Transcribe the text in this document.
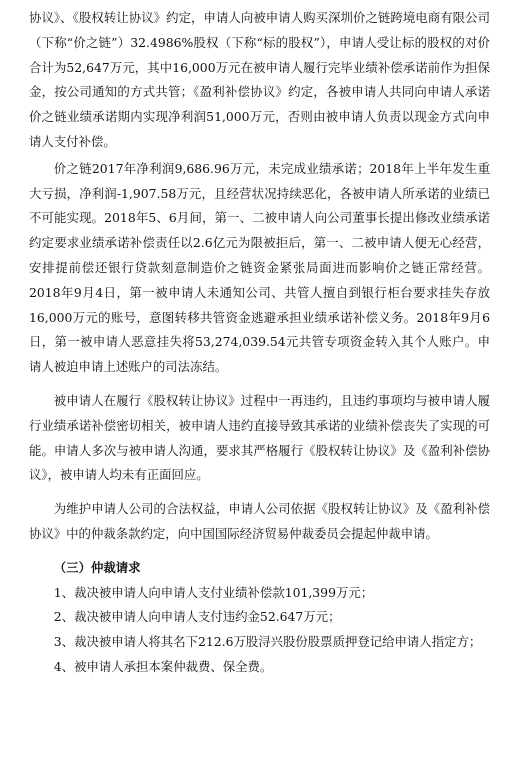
协议》、《股权转让协议》约定，申请人向被申请人购买深圳价之链跨境电商有限公司（下称“价之链”）32.4986%股权（下称“标的股权”），申请人受让标的股权的对价合计为52,647万元，其中16,000万元在被申请人履行完毕业绩补偿承诺前作为担保金，按公司通知的方式共管；《盈利补偿协议》约定，各被申请人共同向申请人承诺价之链业绩承诺期内实现净利润51,000万元，否则由被申请人负责以现金方式向申请人支付补偿。

价之链2017年净利润9,686.96万元，未完成业绩承诺；2018年上半年发生重大亏损，净利润-1,907.58万元，且经营状况持续恶化，各被申请人所承诺的业绩已不可能实现。2018年5、6月间，第一、二被申请人向公司董事长提出修改业绩承诺约定要求业绩承诺补偿责任以2.6亿元为限被拒后，第一、二被申请人便无心经营，安排提前偿还银行贷款刻意制造价之链资金紧张局面进而影响价之链正常经营。2018年9月4日，第一被申请人未通知公司、共管人擅自到银行柜台要求挂失存放16,000万元的账号，意图转移共管资金逃避承担业绩承诺补偿义务。2018年9月6日，第一被申请人恶意挂失将53,274,039.54元共管专项资金转入其个人账户。申请人被迫申请上述账户的司法冻结。

被申请人在履行《股权转让协议》过程中一再违约，且违约事项均与被申请人履行业绩承诺补偿密切相关，被申请人违约直接导致其承诺的业绩补偿丧失了实现的可能。申请人多次与被申请人沟通，要求其严格履行《股权转让协议》及《盈利补偿协议》，被申请人均未有正面回应。

为维护申请人公司的合法权益，申请人公司依据《股权转让协议》及《盈利补偿协议》中的仲裁条款约定，向中国国际经济贸易仲裁委员会提起仲裁申请。

（三）仲裁请求

1、裁决被申请人向申请人支付业绩补偿款101,399万元；

2、裁决被申请人向申请人支付违约金52.647万元；

3、裁决被申请人将其名下212.6万股浔兴股份股票质押登记给申请人指定方；

4、被申请人承担本案仲裁费、保全费。
